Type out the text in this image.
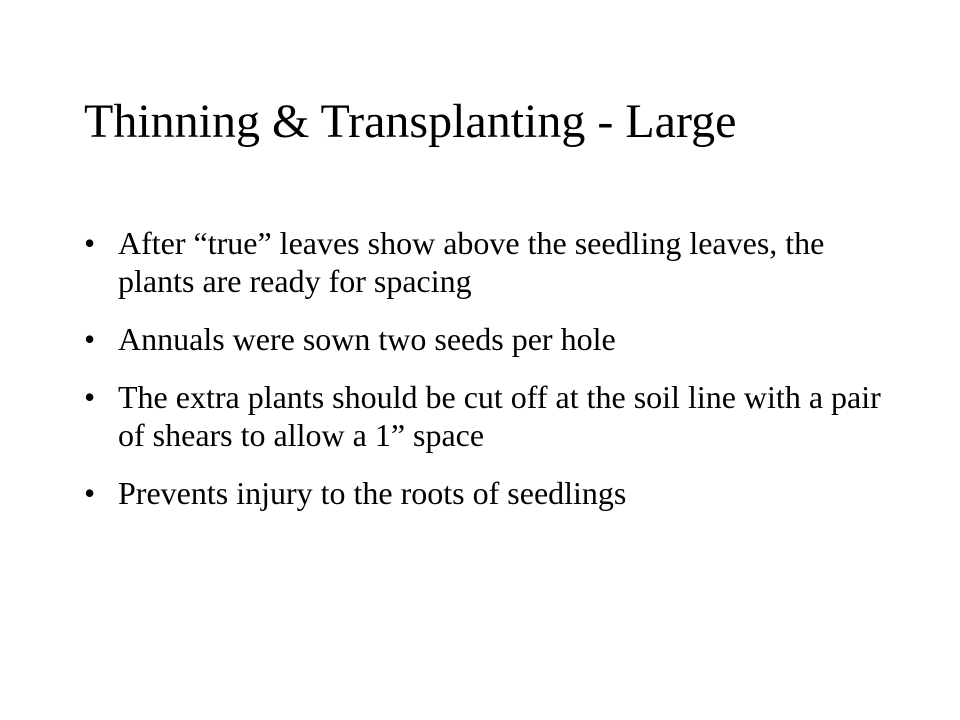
Thinning & Transplanting - Large
• After “true” leaves show above the seedling leaves, the plants are ready for spacing
• Annuals were sown two seeds per hole
• The extra plants should be cut off at the soil line with a pair of shears to allow a 1” space
• Prevents injury to the roots of seedlings
